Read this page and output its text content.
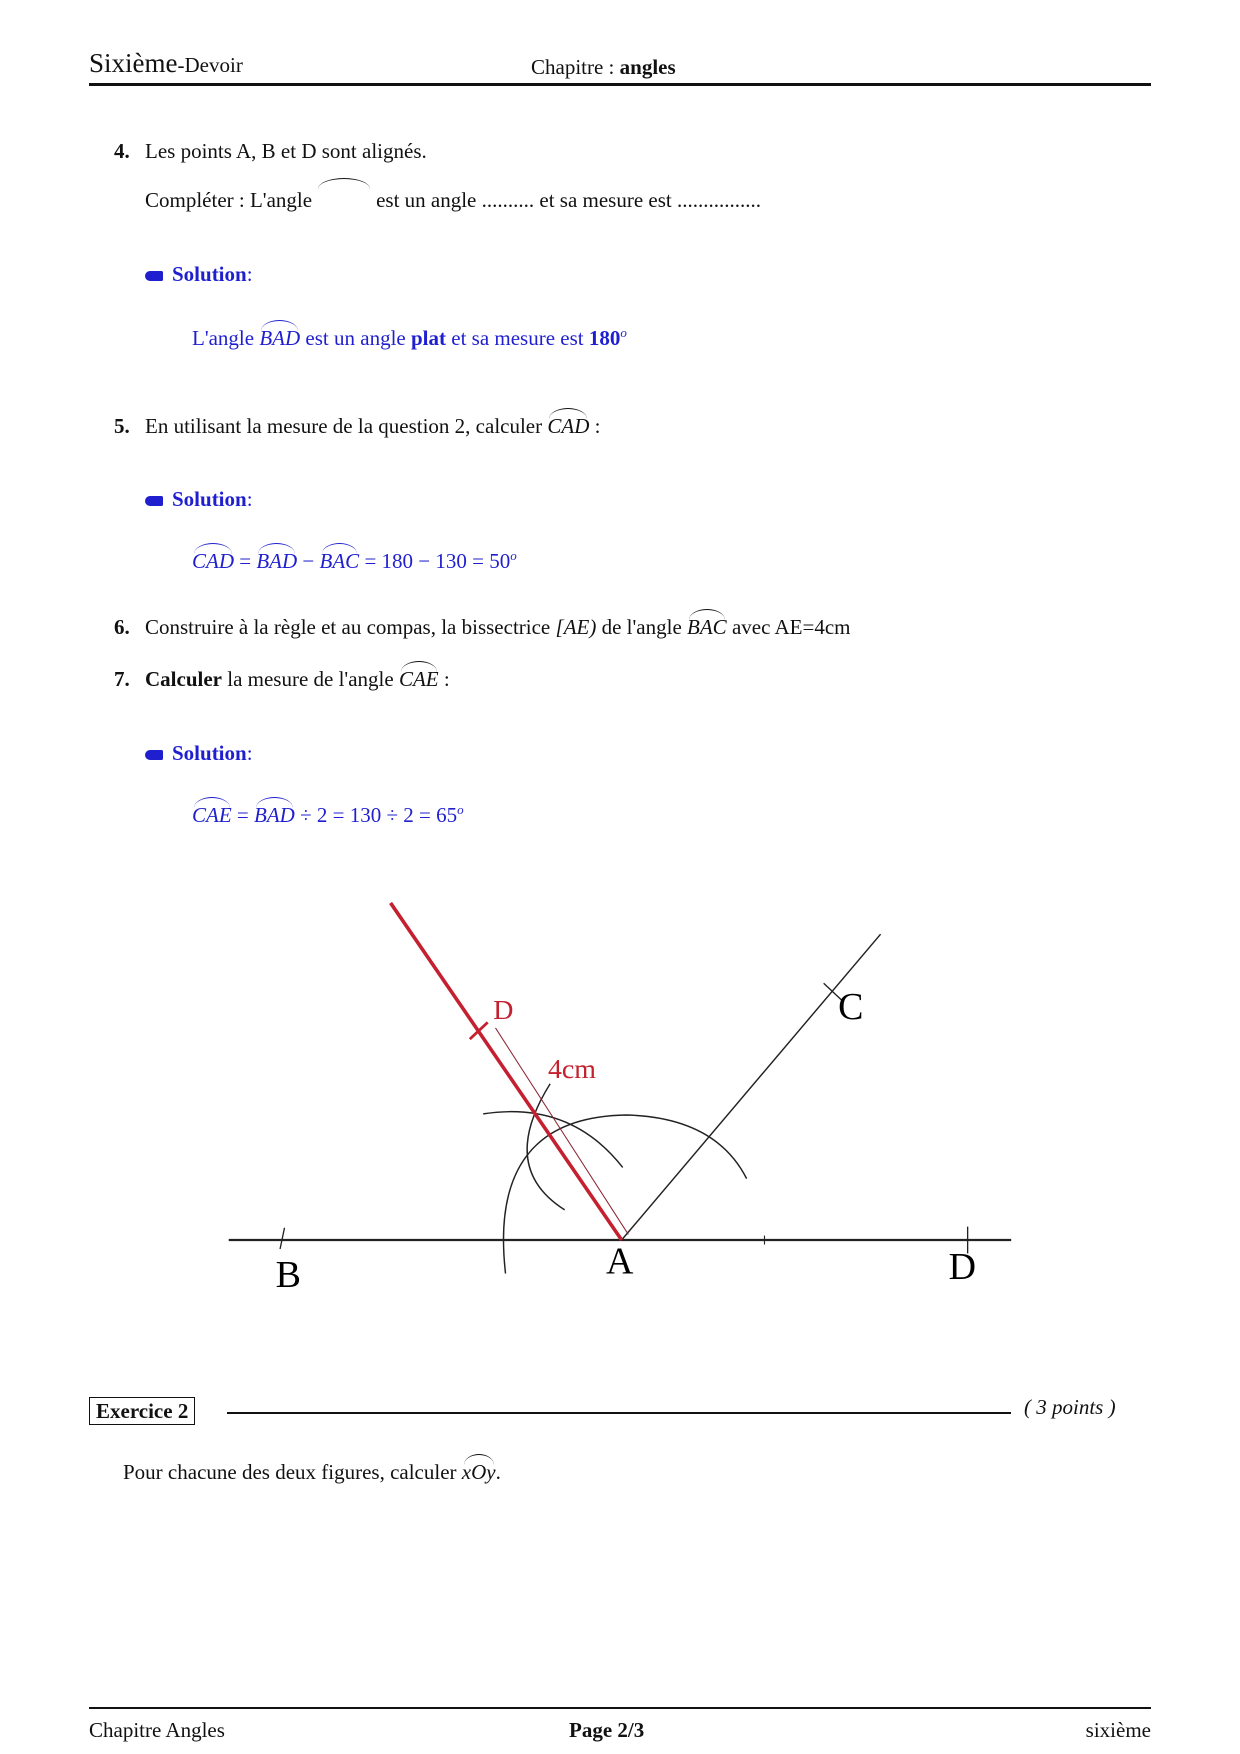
Sixième-Devoir	Chapitre : angles
4. Les points A, B et D sont alignés.
Compléter : L'angle	est un angle .......... et sa mesure est ................
Solution:
L'angle BAD est un angle plat et sa mesure est 180$^o$
5. En utilisant la mesure de la question 2, calculer CAD :
Solution:
CAD = BAD − BAC = $180 - 130 = 50^o$
6. Construire à la règle et au compas, la bissectrice [AE) de l'angle BAC avec AE=4cm
7. Calculer la mesure de l'angle CAE :
Solution:
CAE = BAD ÷ $2 = 130 \div 2 = 65^o$
B	A	D
C
D
4cm
Exercice 2	( 3 points )
Pour chacune des deux figures, calculer xOy.
Chapitre Angles	Page 2/3	sixième
